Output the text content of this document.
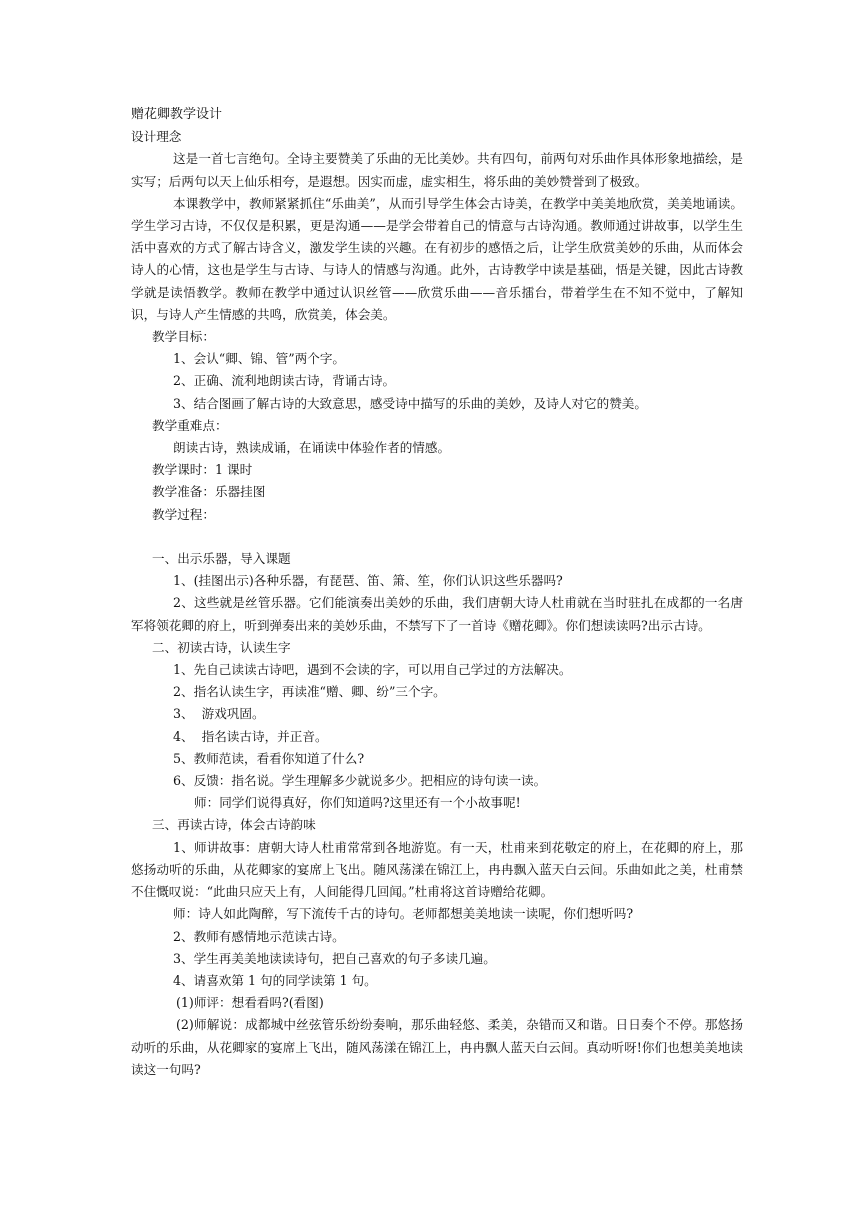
赠花卿教学设计
设计理念
这是一首七言绝句。全诗主要赞美了乐曲的无比美妙。共有四句，前两句对乐曲作具体形象地描绘，是实写；后两句以天上仙乐相夸，是遐想。因实而虚，虚实相生，将乐曲的美妙赞誉到了极致。
本课教学中，教师紧紧抓住“乐曲美”，从而引导学生体会古诗美，在教学中美美地欣赏，美美地诵读。学生学习古诗，不仅仅是积累，更是沟通——是学会带着自己的情意与古诗沟通。教师通过讲故事，以学生生活中喜欢的方式了解古诗含义，激发学生读的兴趣。在有初步的感悟之后，让学生欣赏美妙的乐曲，从而体会诗人的心情，这也是学生与古诗、与诗人的情感与沟通。此外，古诗教学中读是基础，悟是关键，因此古诗教学就是读悟教学。教师在教学中通过认识丝管——欣赏乐曲——音乐擂台，带着学生在不知不觉中，了解知识，与诗人产生情感的共鸣，欣赏美，体会美。
教学目标：
1、会认“卿、锦、管”两个字。
2、正确、流利地朗读古诗，背诵古诗。
3、结合图画了解古诗的大致意思，感受诗中描写的乐曲的美妙，及诗人对它的赞美。
教学重难点：
朗读古诗，熟读成诵，在诵读中体验作者的情感。
教学课时：1 课时
教学准备：乐器挂图
教学过程：
一、出示乐器，导入课题
1、(挂图出示)各种乐器，有琵琶、笛、箫、笙，你们认识这些乐器吗?
2、这些就是丝管乐器。它们能演奏出美妙的乐曲，我们唐朝大诗人杜甫就在当时驻扎在成都的一名唐军将领花卿的府上，听到弹奏出来的美妙乐曲，不禁写下了一首诗《赠花卿》。你们想读读吗?出示古诗。
二、初读古诗，认读生字
1、先自己读读古诗吧，遇到不会读的字，可以用自己学过的方法解决。
2、指名认读生字，再读准“赠、卿、纷”三个字。
3、  游戏巩固。
4、  指名读古诗，并正音。
5、教师范读，看看你知道了什么?
6、反馈：指名说。学生理解多少就说多少。把相应的诗句读一读。
师：同学们说得真好，你们知道吗?这里还有一个小故事呢!
三、再读古诗，体会古诗韵味
1、师讲故事：唐朝大诗人杜甫常常到各地游览。有一天，杜甫来到花敬定的府上，在花卿的府上，那悠扬动听的乐曲，从花卿家的宴席上飞出。随风荡漾在锦江上，冉冉飘入蓝天白云间。乐曲如此之美，杜甫禁不住慨叹说：“此曲只应天上有，人间能得几回闻。”杜甫将这首诗赠给花卿。
师：诗人如此陶醉，写下流传千古的诗句。老师都想美美地读一读呢，你们想听吗?
2、教师有感情地示范读古诗。
3、学生再美美地读读诗句，把自己喜欢的句子多读几遍。
4、请喜欢第 1 句的同学读第 1 句。
(1)师评：想看看吗?(看图)
(2)师解说：成都城中丝弦管乐纷纷奏响，那乐曲轻悠、柔美，杂错而又和谐。日日奏个不停。那悠扬动听的乐曲，从花卿家的宴席上飞出，随风荡漾在锦江上，冉冉飘人蓝天白云间。真动听呀!你们也想美美地读读这一句吗?
